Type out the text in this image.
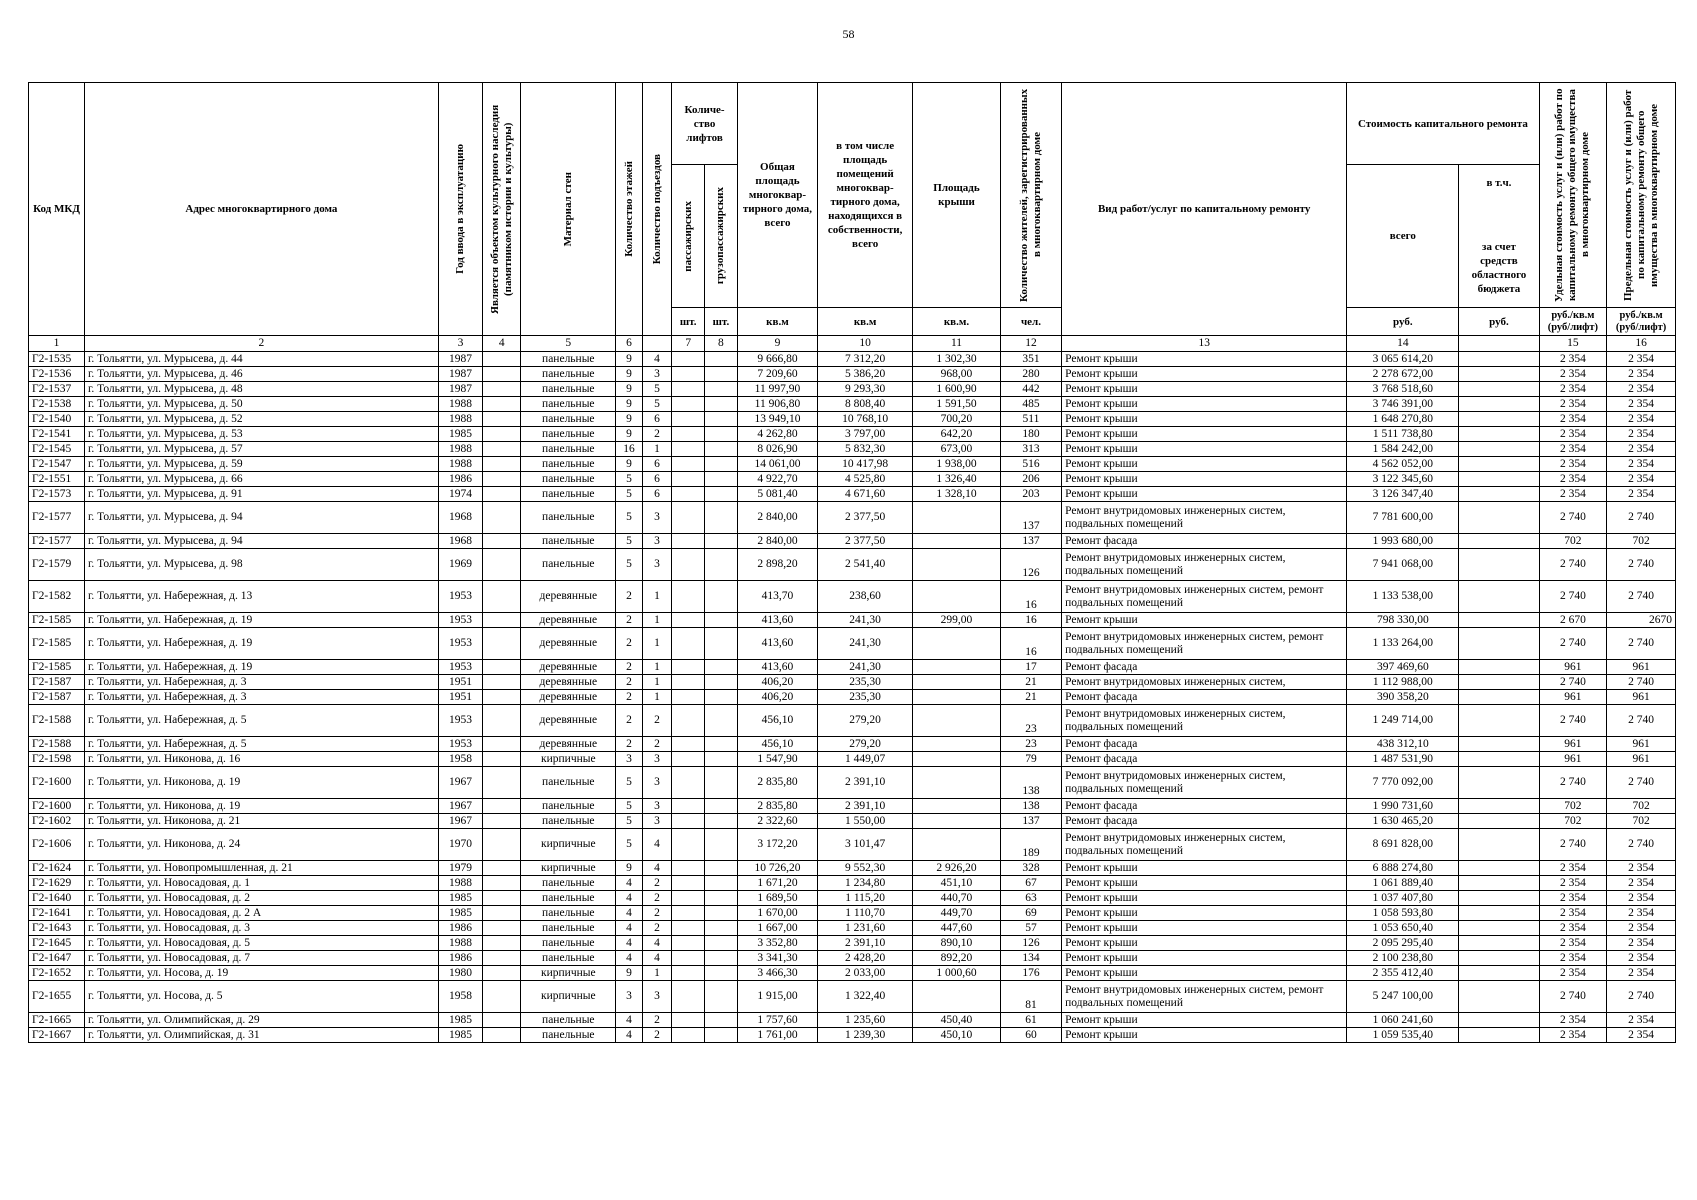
58
Код МКД	Адрес многоквартирного дома	Год ввода в эксплуатацию	Является объектом культурного наследия (памятником истории и культуры)	Материал стен	Количество этажей	Количество подъездов	Количе-ство лифтов		Общая площадь многоквар-тирного дома, всего	в том числе площадь помещений многоквар-тирного дома, находящихся в собственности, всего	Площадь крыши	Количество жителей, зарегистрированных в многоквартирном доме	Вид работ/услуг по капитальному ремонту	Стоимость капитального ремонта		Удельная стоимость услуг и (или) работ по капитальному ремонту общего имущества в многоквартирном доме	Предельная стоимость услуг и (или) работ по капитальному ремонту общего имущества в многоквартирном доме

							пассажирских	грузопассажирских						всего	в т.ч.
за счет средств областного бюджета		

							шт.	шт.	кв.м	кв.м	кв.м.	чел.		руб.	руб.	руб./кв.м (руб/лифт)	руб./кв.м (руб/лифт)
1	2	3	4	5	6		7	8	9	10	11	12	13	14		15	16
Г2-1535	г. Тольятти, ул. Мурысева, д. 44	1987		панельные	9	4			9 666,80	7 312,20	1 302,30	351	Ремонт крыши	3 065 614,20		2 354	2 354
Г2-1536	г. Тольятти, ул. Мурысева, д. 46	1987		панельные	9	3			7 209,60	5 386,20	968,00	280	Ремонт крыши	2 278 672,00		2 354	2 354
Г2-1537	г. Тольятти, ул. Мурысева, д. 48	1987		панельные	9	5			11 997,90	9 293,30	1 600,90	442	Ремонт крыши	3 768 518,60		2 354	2 354
Г2-1538	г. Тольятти, ул. Мурысева, д. 50	1988		панельные	9	5			11 906,80	8 808,40	1 591,50	485	Ремонт крыши	3 746 391,00		2 354	2 354
Г2-1540	г. Тольятти, ул. Мурысева, д. 52	1988		панельные	9	6			13 949,10	10 768,10	700,20	511	Ремонт крыши	1 648 270,80		2 354	2 354
Г2-1541	г. Тольятти, ул. Мурысева, д. 53	1985		панельные	9	2			4 262,80	3 797,00	642,20	180	Ремонт крыши	1 511 738,80		2 354	2 354
Г2-1545	г. Тольятти, ул. Мурысева, д. 57	1988		панельные	16	1			8 026,90	5 832,30	673,00	313	Ремонт крыши	1 584 242,00		2 354	2 354
Г2-1547	г. Тольятти, ул. Мурысева, д. 59	1988		панельные	9	6			14 061,00	10 417,98	1 938,00	516	Ремонт крыши	4 562 052,00		2 354	2 354
Г2-1551	г. Тольятти, ул. Мурысева, д. 66	1986		панельные	5	6			4 922,70	4 525,80	1 326,40	206	Ремонт крыши	3 122 345,60		2 354	2 354
Г2-1573	г. Тольятти, ул. Мурысева, д. 91	1974		панельные	5	6			5 081,40	4 671,60	1 328,10	203	Ремонт крыши	3 126 347,40		2 354	2 354
Г2-1577	г. Тольятти, ул. Мурысева, д. 94	1968		панельные	5	3			2 840,00	2 377,50		137	Ремонт внутридомовых инженерных систем, подвальных помещений	7 781 600,00		2 740	2 740
Г2-1577	г. Тольятти, ул. Мурысева, д. 94	1968		панельные	5	3			2 840,00	2 377,50		137	Ремонт фасада	1 993 680,00		702	702
Г2-1579	г. Тольятти, ул. Мурысева, д. 98	1969		панельные	5	3			2 898,20	2 541,40		126	Ремонт внутридомовых инженерных систем, подвальных помещений	7 941 068,00		2 740	2 740
Г2-1582	г. Тольятти, ул. Набережная, д. 13	1953		деревянные	2	1			413,70	238,60		16	Ремонт внутридомовых инженерных систем, ремонт подвальных помещений	1 133 538,00		2 740	2 740
Г2-1585	г. Тольятти, ул. Набережная, д. 19	1953		деревянные	2	1			413,60	241,30	299,00	16	Ремонт крыши	798 330,00		2 670	2670
Г2-1585	г. Тольятти, ул. Набережная, д. 19	1953		деревянные	2	1			413,60	241,30		16	Ремонт внутридомовых инженерных систем, ремонт подвальных помещений	1 133 264,00		2 740	2 740
Г2-1585	г. Тольятти, ул. Набережная, д. 19	1953		деревянные	2	1			413,60	241,30		17	Ремонт фасада	397 469,60		961	961
Г2-1587	г. Тольятти, ул. Набережная, д. 3	1951		деревянные	2	1			406,20	235,30		21	Ремонт внутридомовых инженерных систем,	1 112 988,00		2 740	2 740
Г2-1587	г. Тольятти, ул. Набережная, д. 3	1951		деревянные	2	1			406,20	235,30		21	Ремонт фасада	390 358,20		961	961
Г2-1588	г. Тольятти, ул. Набережная, д. 5	1953		деревянные	2	2			456,10	279,20		23	Ремонт внутридомовых инженерных систем, подвальных помещений	1 249 714,00		2 740	2 740
Г2-1588	г. Тольятти, ул. Набережная, д. 5	1953		деревянные	2	2			456,10	279,20		23	Ремонт фасада	438 312,10		961	961
Г2-1598	г. Тольятти, ул. Никонова, д. 16	1958		кирпичные	3	3			1 547,90	1 449,07		79	Ремонт фасада	1 487 531,90		961	961
Г2-1600	г. Тольятти, ул. Никонова, д. 19	1967		панельные	5	3			2 835,80	2 391,10		138	Ремонт внутридомовых инженерных систем, подвальных помещений	7 770 092,00		2 740	2 740
Г2-1600	г. Тольятти, ул. Никонова, д. 19	1967		панельные	5	3			2 835,80	2 391,10		138	Ремонт фасада	1 990 731,60		702	702
Г2-1602	г. Тольятти, ул. Никонова, д. 21	1967		панельные	5	3			2 322,60	1 550,00		137	Ремонт фасада	1 630 465,20		702	702
Г2-1606	г. Тольятти, ул. Никонова, д. 24	1970		кирпичные	5	4			3 172,20	3 101,47		189	Ремонт внутридомовых инженерных систем, подвальных помещений	8 691 828,00		2 740	2 740
Г2-1624	г. Тольятти, ул. Новопромышленная, д. 21	1979		кирпичные	9	4			10 726,20	9 552,30	2 926,20	328	Ремонт крыши	6 888 274,80		2 354	2 354
Г2-1629	г. Тольятти, ул. Новосадовая, д. 1	1988		панельные	4	2			1 671,20	1 234,80	451,10	67	Ремонт крыши	1 061 889,40		2 354	2 354
Г2-1640	г. Тольятти, ул. Новосадовая, д. 2	1985		панельные	4	2			1 689,50	1 115,20	440,70	63	Ремонт крыши	1 037 407,80		2 354	2 354
Г2-1641	г. Тольятти, ул. Новосадовая, д. 2 А	1985		панельные	4	2			1 670,00	1 110,70	449,70	69	Ремонт крыши	1 058 593,80		2 354	2 354
Г2-1643	г. Тольятти, ул. Новосадовая, д. 3	1986		панельные	4	2			1 667,00	1 231,60	447,60	57	Ремонт крыши	1 053 650,40		2 354	2 354
Г2-1645	г. Тольятти, ул. Новосадовая, д. 5	1988		панельные	4	4			3 352,80	2 391,10	890,10	126	Ремонт крыши	2 095 295,40		2 354	2 354
Г2-1647	г. Тольятти, ул. Новосадовая, д. 7	1986		панельные	4	4			3 341,30	2 428,20	892,20	134	Ремонт крыши	2 100 238,80		2 354	2 354
Г2-1652	г. Тольятти, ул. Носова, д. 19	1980		кирпичные	9	1			3 466,30	2 033,00	1 000,60	176	Ремонт крыши	2 355 412,40		2 354	2 354
Г2-1655	г. Тольятти, ул. Носова, д. 5	1958		кирпичные	3	3			1 915,00	1 322,40		81	Ремонт внутридомовых инженерных систем, ремонт подвальных помещений	5 247 100,00		2 740	2 740
Г2-1665	г. Тольятти, ул. Олимпийская, д. 29	1985		панельные	4	2			1 757,60	1 235,60	450,40	61	Ремонт крыши	1 060 241,60		2 354	2 354
Г2-1667	г. Тольятти, ул. Олимпийская, д. 31	1985		панельные	4	2			1 761,00	1 239,30	450,10	60	Ремонт крыши	1 059 535,40		2 354	2 354
